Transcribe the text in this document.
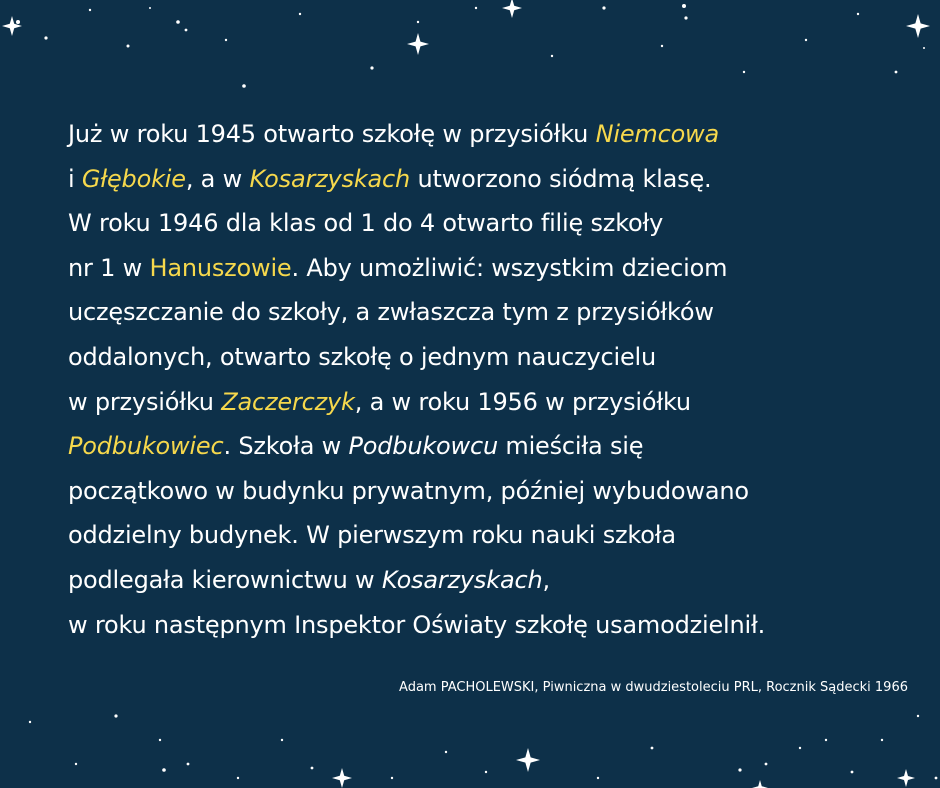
Już w roku 1945 otwarto szkołę w przysiółku Niemcowa
i Głębokie, a w Kosarzyskach utworzono siódmą klasę.
W roku 1946 dla klas od 1 do 4 otwarto filię szkoły
nr 1 w Hanuszowie. Aby umożliwić: wszystkim dzieciom
uczęszczanie do szkoły, a zwłaszcza tym z przysiółków
oddalonych, otwarto szkołę o jednym nauczycielu
w przysiółku Zaczerczyk, a w roku 1956 w przysiółku
Podbukowiec. Szkoła w Podbukowcu mieściła się
początkowo w budynku prywatnym, później wybudowano
oddzielny budynek. W pierwszym roku nauki szkoła
podlegała kierownictwu w Kosarzyskach,
w roku następnym Inspektor Oświaty szkołę usamodzielnił.
Adam PACHOLEWSKI, Piwniczna w dwudziestoleciu PRL, Rocznik Sądecki 1966
